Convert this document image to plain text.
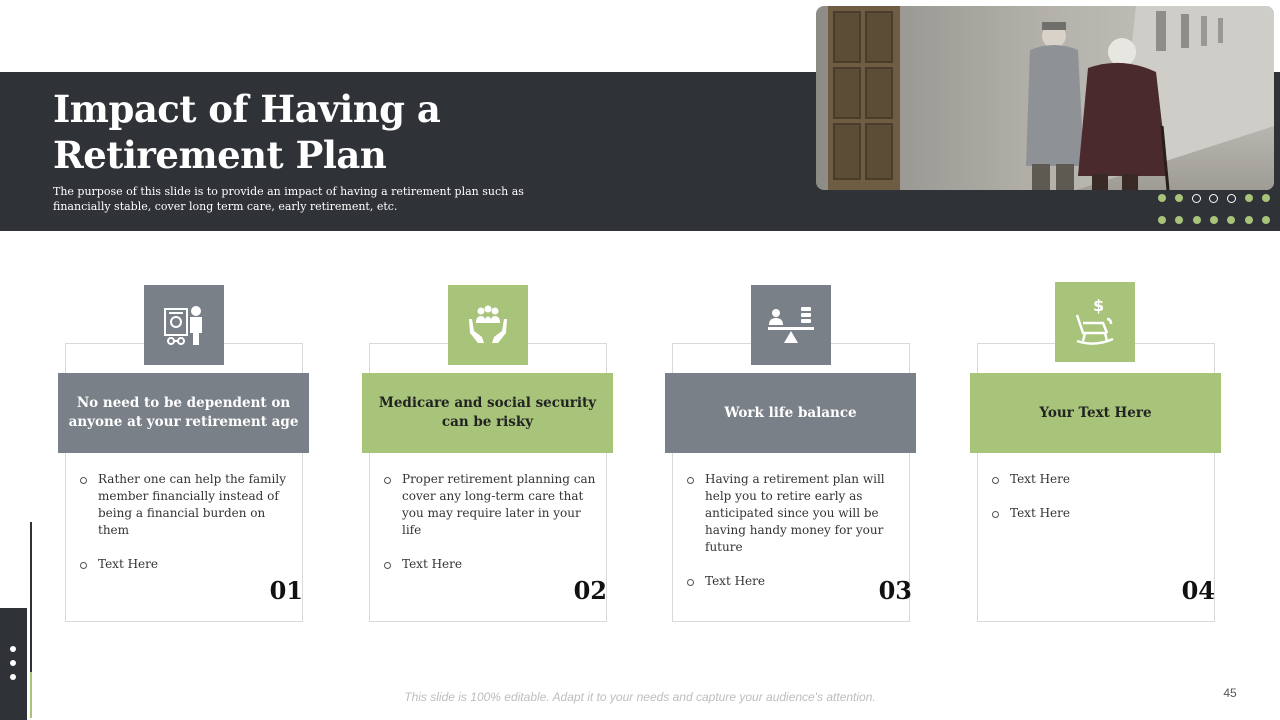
Impact of Having a Retirement Plan
The purpose of this slide is to provide an impact of having a retirement plan such as financially stable, cover long term care, early retirement, etc.
No need to be dependent on anyone at your retirement age
Rather one can help the family member financially instead of being a financial burden on them
Text Here
01
Medicare and social security can be risky
Proper retirement planning can cover any long-term care that you may require later in your life
Text Here
02
Work life balance
Having a retirement plan will help you to retire early as anticipated since you will be having handy money for your future
Text Here	03
$
Your Text Here
Text Here
Text Here
04
This slide is 100% editable. Adapt it to your needs and capture your audience's attention.	45
